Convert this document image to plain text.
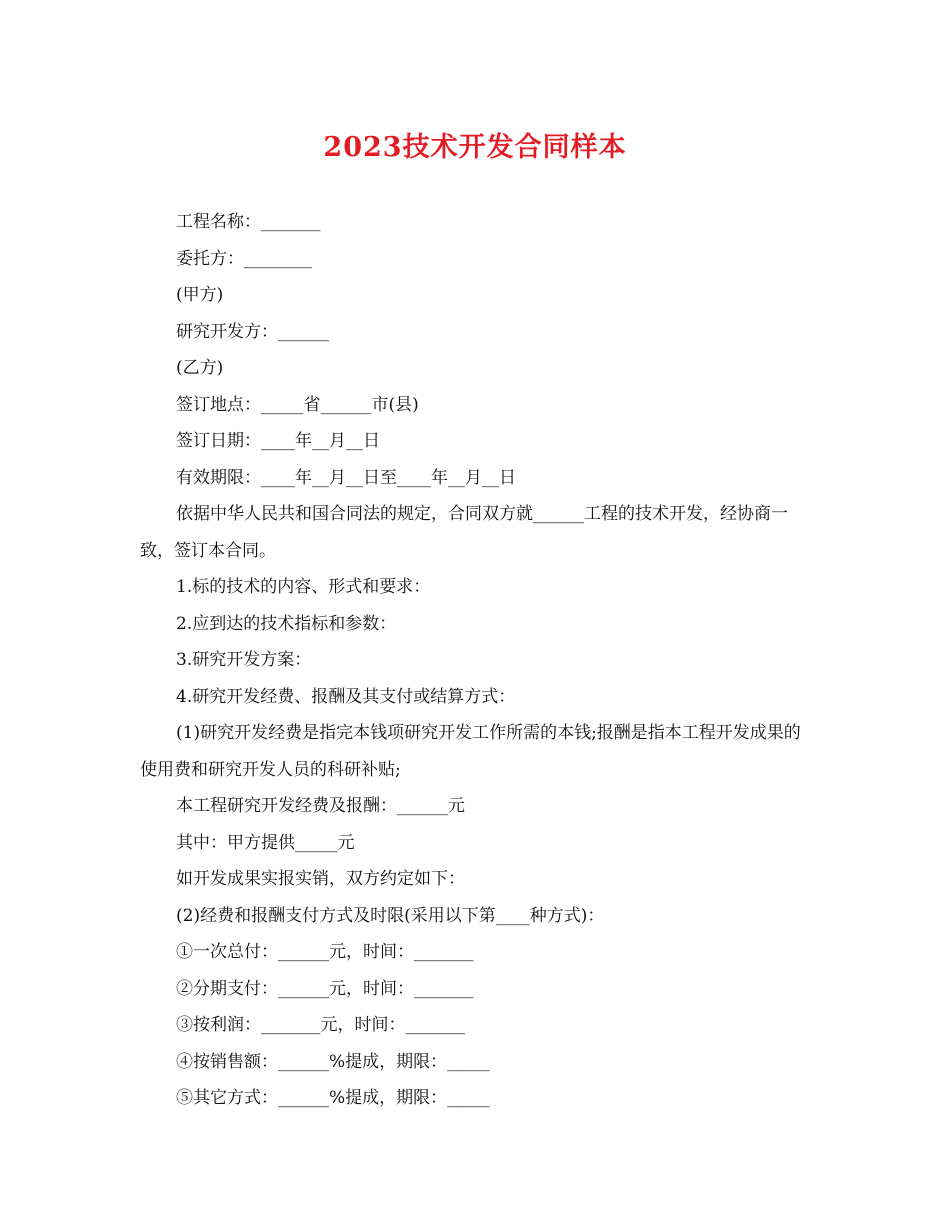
2023技术开发合同样本

工程名称：_______

委托方：________

(甲方)

研究开发方：______

(乙方)

签订地点：_____省______市(县)

签订日期：____年__月__日

有效期限：____年__月__日至____年__月__日

依据中华人民共和国合同法的规定，合同双方就______工程的技术开发，经协商一致，签订本合同。

1.标的技术的内容、形式和要求：

2.应到达的技术指标和参数：

3.研究开发方案：

4.研究开发经费、报酬及其支付或结算方式：

(1)研究开发经费是指完本钱项研究开发工作所需的本钱;报酬是指本工程开发成果的使用费和研究开发人员的科研补贴;

本工程研究开发经费及报酬：______元

其中：甲方提供_____元

如开发成果实报实销，双方约定如下：

(2)经费和报酬支付方式及时限(采用以下第____种方式)：

①一次总付：______元，时间：_______

②分期支付：______元，时间：_______

③按利润：_______元，时间：_______

④按销售额：______%提成，期限：_____

⑤其它方式：______%提成，期限：_____
